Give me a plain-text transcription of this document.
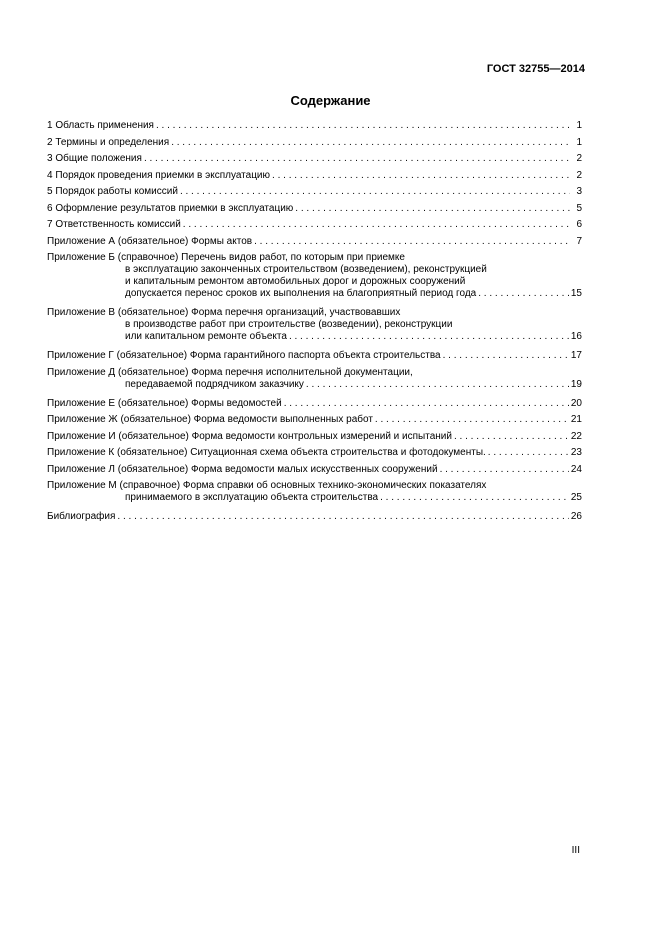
ГОСТ 32755—2014
Содержание
1 Область применения . . .	1
2 Термины и определения . . .	1
3 Общие положения . . .	2
4 Порядок проведения приемки в эксплуатацию . . .	2
5 Порядок работы комиссий . . .	3
6 Оформление результатов приемки в эксплуатацию . . .	5
7 Ответственность комиссий . . .	6
Приложение А (обязательное) Формы актов . . .	7
Приложение Б (справочное) Перечень видов работ, по которым при приемке
в эксплуатацию законченных строительством (возведением), реконструкцией
и капитальным ремонтом автомобильных дорог и дорожных сооружений
допускается перенос сроков их выполнения на благоприятный период года . . .	15
Приложение В (обязательное) Форма перечня организаций, участвовавших
в производстве работ при строительстве (возведении), реконструкции
или капитальном ремонте объекта . . .	16
Приложение Г (обязательное) Форма гарантийного паспорта объекта строительства . . .	17
Приложение Д (обязательное) Форма перечня исполнительной документации,
передаваемой подрядчиком заказчику . . .	19
Приложение Е (обязательное) Формы ведомостей . . .	20
Приложение Ж (обязательное) Форма ведомости выполненных работ . . .	21
Приложение И (обязательное) Форма ведомости контрольных измерений и испытаний . . .	22
Приложение К (обязательное) Ситуационная схема объекта строительства и фотодокументы. . . .	23
Приложение Л (обязательное) Форма ведомости малых искусственных сооружений . . .	24
Приложение М (справочное) Форма справки об основных технико-экономических показателях
принимаемого в эксплуатацию объекта строительства . . .	25
Библиография . . .	26
III
